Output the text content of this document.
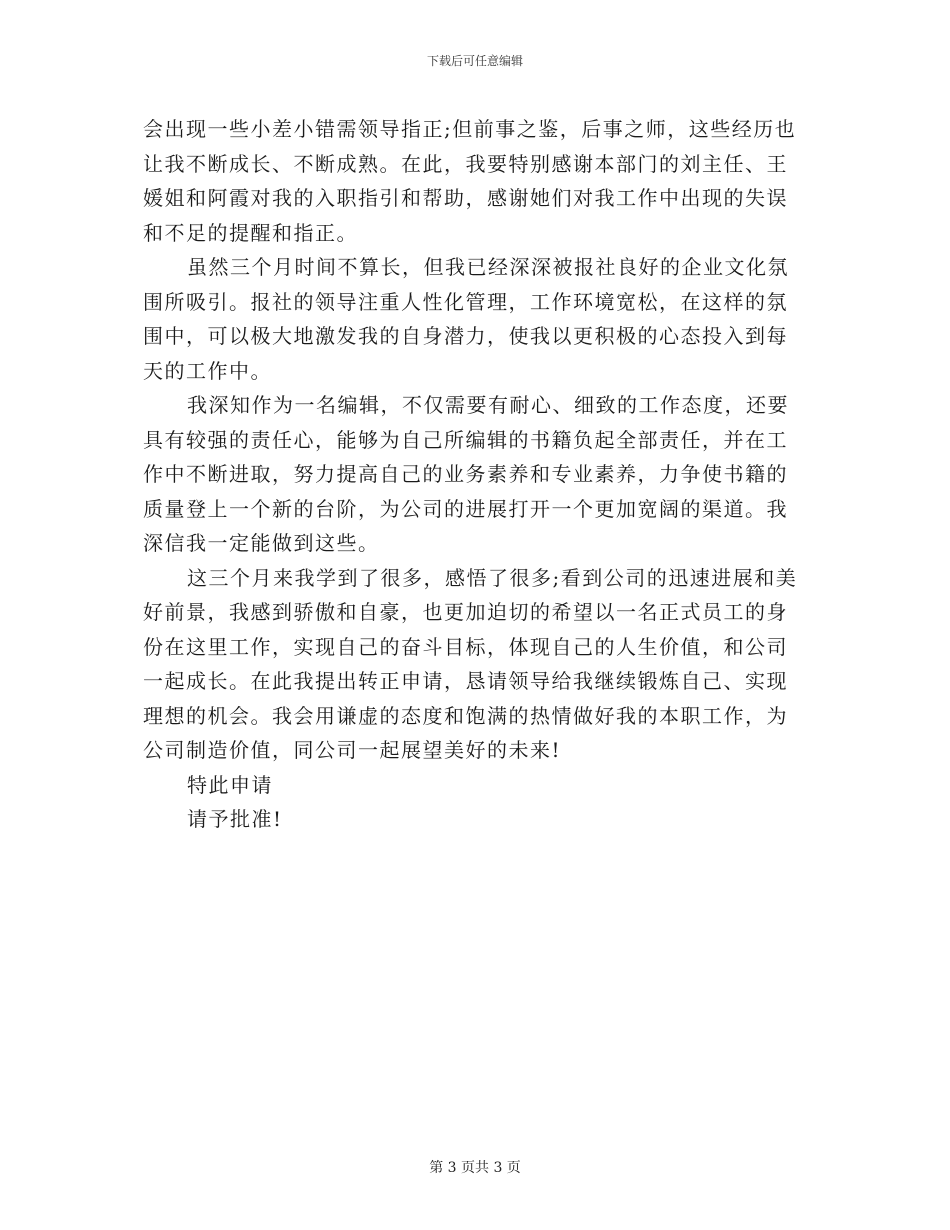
下载后可任意编辑
会出现一些小差小错需领导指正;但前事之鉴，后事之师，这些经历也
让我不断成长、不断成熟。在此，我要特别感谢本部门的刘主任、王
媛姐和阿霞对我的入职指引和帮助，感谢她们对我工作中出现的失误
和不足的提醒和指正。
虽然三个月时间不算长，但我已经深深被报社良好的企业文化氛
围所吸引。报社的领导注重人性化管理，工作环境宽松，在这样的氛
围中，可以极大地激发我的自身潜力，使我以更积极的心态投入到每
天的工作中。
我深知作为一名编辑，不仅需要有耐心、细致的工作态度，还要
具有较强的责任心，能够为自己所编辑的书籍负起全部责任，并在工
作中不断进取，努力提高自己的业务素养和专业素养，力争使书籍的
质量登上一个新的台阶，为公司的进展打开一个更加宽阔的渠道。我
深信我一定能做到这些。
这三个月来我学到了很多，感悟了很多;看到公司的迅速进展和美
好前景，我感到骄傲和自豪，也更加迫切的希望以一名正式员工的身
份在这里工作，实现自己的奋斗目标，体现自己的人生价值，和公司
一起成长。在此我提出转正申请，恳请领导给我继续锻炼自己、实现
理想的机会。我会用谦虚的态度和饱满的热情做好我的本职工作，为
公司制造价值，同公司一起展望美好的未来!
特此申请
请予批准!
第 3 页共 3 页
